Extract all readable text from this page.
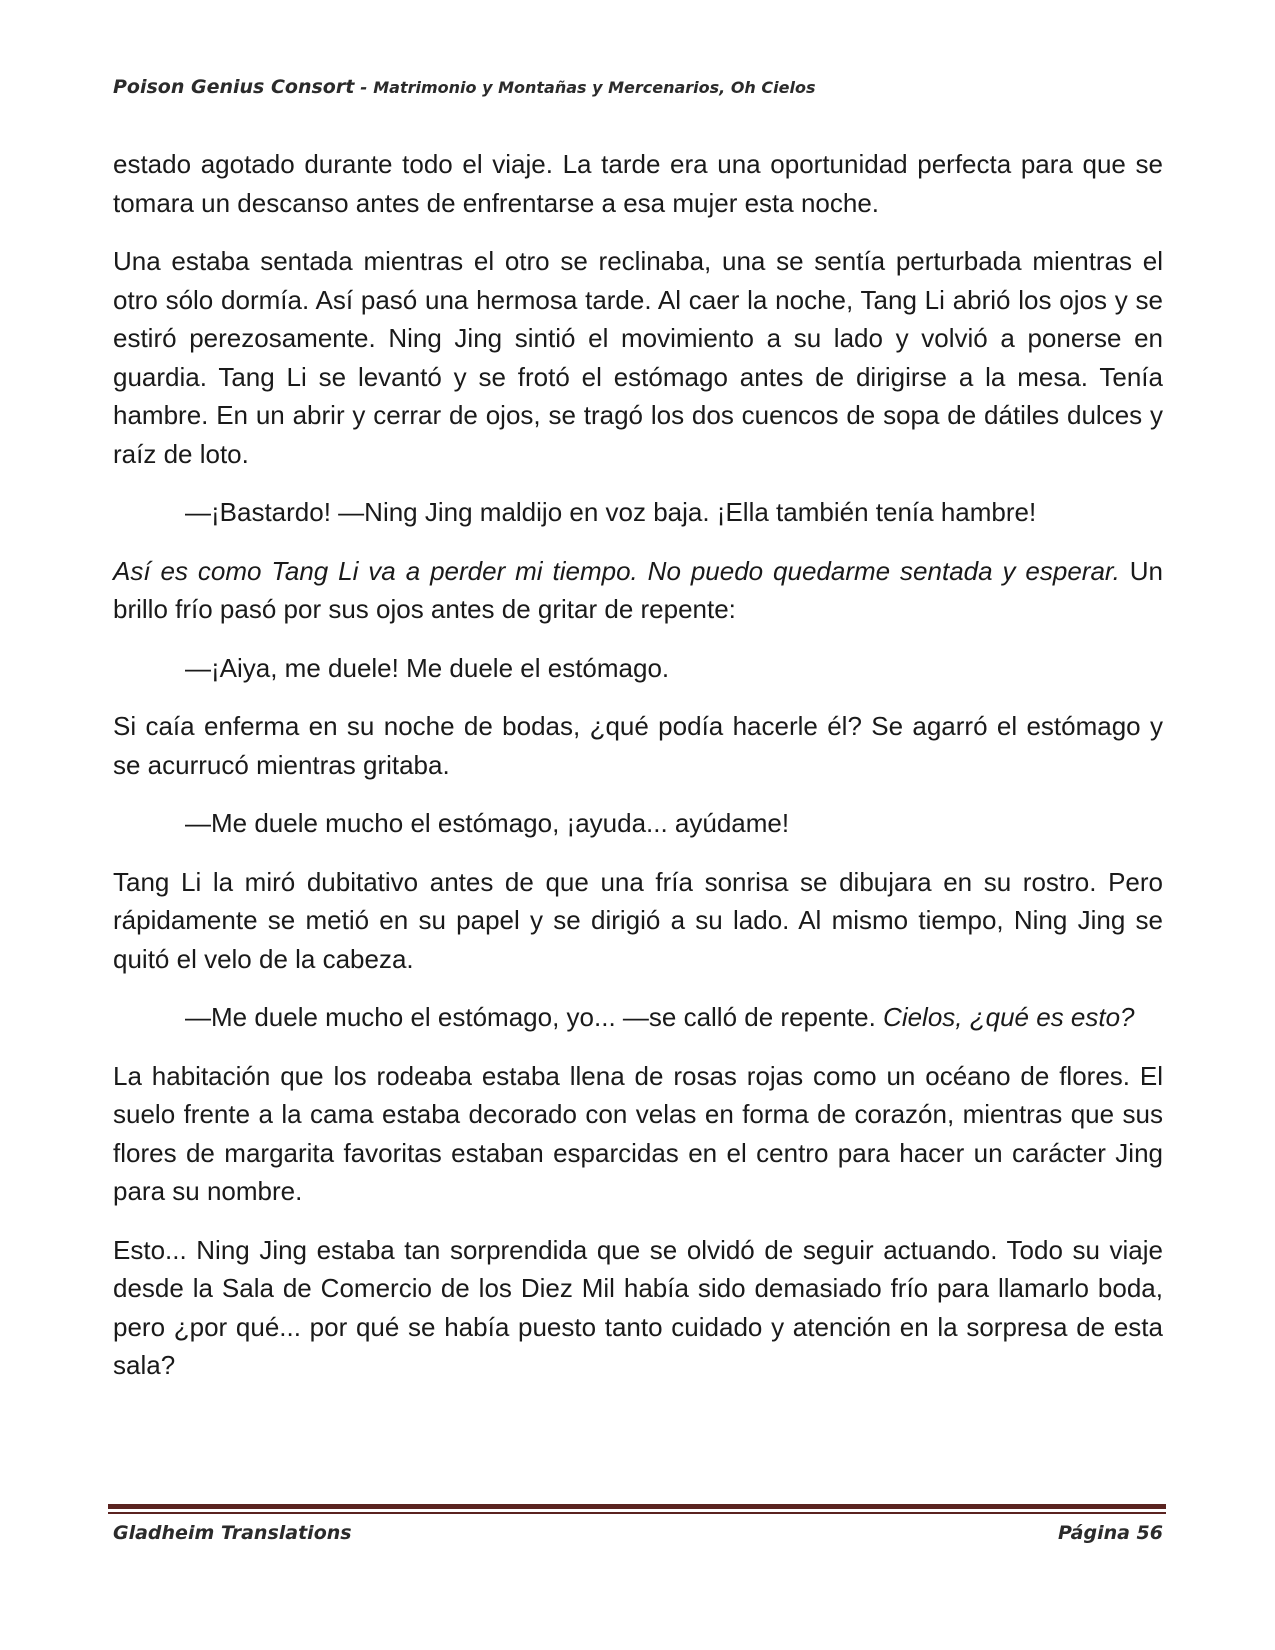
Poison Genius Consort - Matrimonio y Montañas y Mercenarios, Oh Cielos

estado agotado durante todo el viaje. La tarde era una oportunidad perfecta para que se tomara un descanso antes de enfrentarse a esa mujer esta noche.

Una estaba sentada mientras el otro se reclinaba, una se sentía perturbada mientras el otro sólo dormía. Así pasó una hermosa tarde. Al caer la noche, Tang Li abrió los ojos y se estiró perezosamente. Ning Jing sintió el movimiento a su lado y volvió a ponerse en guardia. Tang Li se levantó y se frotó el estómago antes de dirigirse a la mesa. Tenía hambre. En un abrir y cerrar de ojos, se tragó los dos cuencos de sopa de dátiles dulces y raíz de loto.

—¡Bastardo! —Ning Jing maldijo en voz baja. ¡Ella también tenía hambre!

Así es como Tang Li va a perder mi tiempo. No puedo quedarme sentada y esperar. Un brillo frío pasó por sus ojos antes de gritar de repente:

—¡Aiya, me duele! Me duele el estómago.

Si caía enferma en su noche de bodas, ¿qué podía hacerle él? Se agarró el estómago y se acurrucó mientras gritaba.

—Me duele mucho el estómago, ¡ayuda... ayúdame!

Tang Li la miró dubitativo antes de que una fría sonrisa se dibujara en su rostro. Pero rápidamente se metió en su papel y se dirigió a su lado. Al mismo tiempo, Ning Jing se quitó el velo de la cabeza.

—Me duele mucho el estómago, yo... —se calló de repente. Cielos, ¿qué es esto?

La habitación que los rodeaba estaba llena de rosas rojas como un océano de flores. El suelo frente a la cama estaba decorado con velas en forma de corazón, mientras que sus flores de margarita favoritas estaban esparcidas en el centro para hacer un carácter Jing para su nombre.

Esto... Ning Jing estaba tan sorprendida que se olvidó de seguir actuando. Todo su viaje desde la Sala de Comercio de los Diez Mil había sido demasiado frío para llamarlo boda, pero ¿por qué... por qué se había puesto tanto cuidado y atención en la sorpresa de esta sala?

Gladheim Translations	Página 56
